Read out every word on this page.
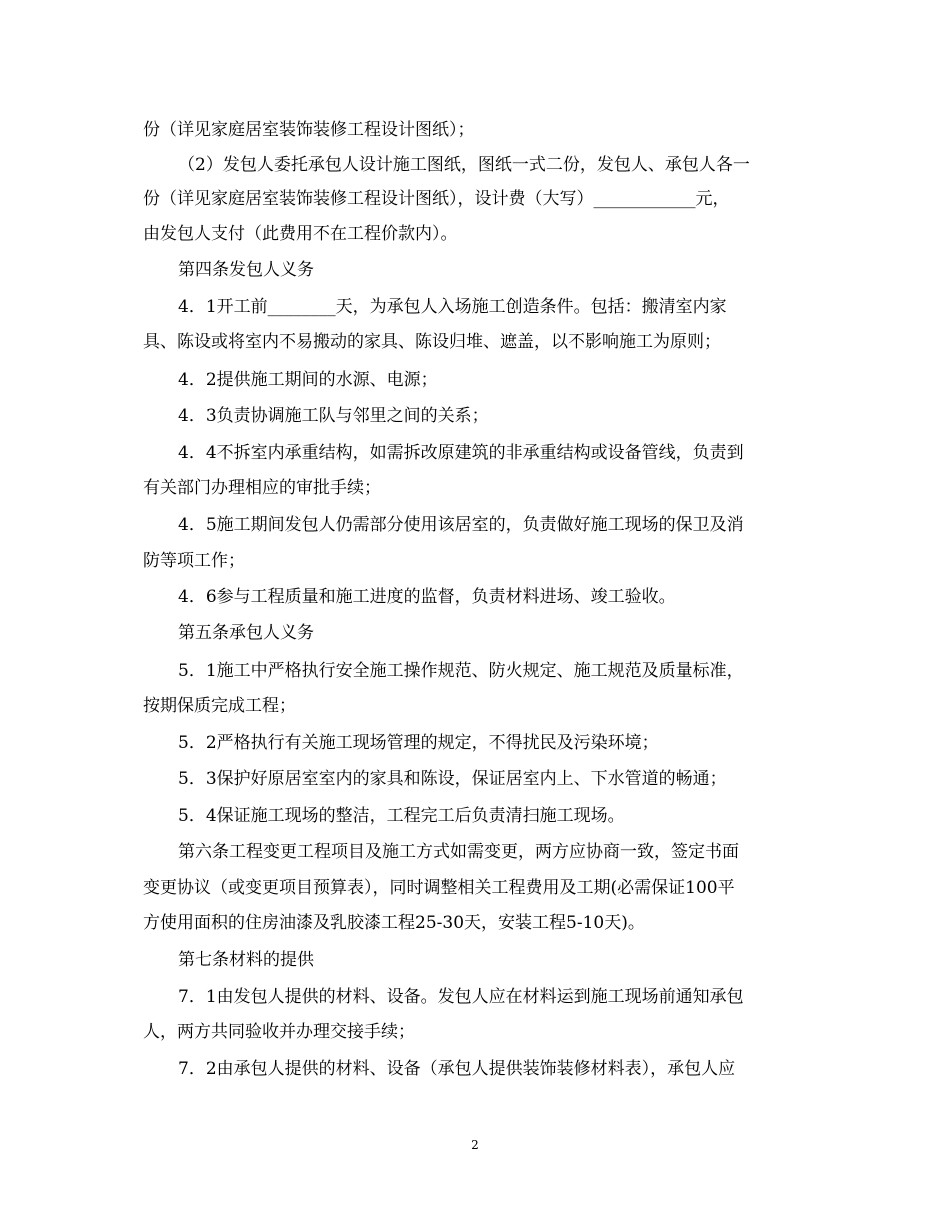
份（详见家庭居室装饰装修工程设计图纸）；
（2）发包人委托承包人设计施工图纸，图纸一式二份，发包人、承包人各一
份（详见家庭居室装饰装修工程设计图纸），设计费（大写）____________元，
由发包人支付（此费用不在工程价款内）。
第四条发包人义务
4．1开工前________天，为承包人入场施工创造条件。包括：搬清室内家
具、陈设或将室内不易搬动的家具、陈设归堆、遮盖，以不影响施工为原则；
4．2提供施工期间的水源、电源；
4．3负责协调施工队与邻里之间的关系；
4．4不拆室内承重结构，如需拆改原建筑的非承重结构或设备管线，负责到
有关部门办理相应的审批手续；
4．5施工期间发包人仍需部分使用该居室的，负责做好施工现场的保卫及消
防等项工作；
4．6参与工程质量和施工进度的监督，负责材料进场、竣工验收。
第五条承包人义务
5．1施工中严格执行安全施工操作规范、防火规定、施工规范及质量标准，
按期保质完成工程；
5．2严格执行有关施工现场管理的规定，不得扰民及污染环境；
5．3保护好原居室室内的家具和陈设，保证居室内上、下水管道的畅通；
5．4保证施工现场的整洁，工程完工后负责清扫施工现场。
第六条工程变更工程项目及施工方式如需变更，两方应协商一致，签定书面
变更协议（或变更项目预算表），同时调整相关工程费用及工期(必需保证100平
方使用面积的住房油漆及乳胶漆工程25-30天，安装工程5-10天)。
第七条材料的提供
7．1由发包人提供的材料、设备。发包人应在材料运到施工现场前通知承包
人，两方共同验收并办理交接手续；
7．2由承包人提供的材料、设备（承包人提供装饰装修材料表），承包人应
2
